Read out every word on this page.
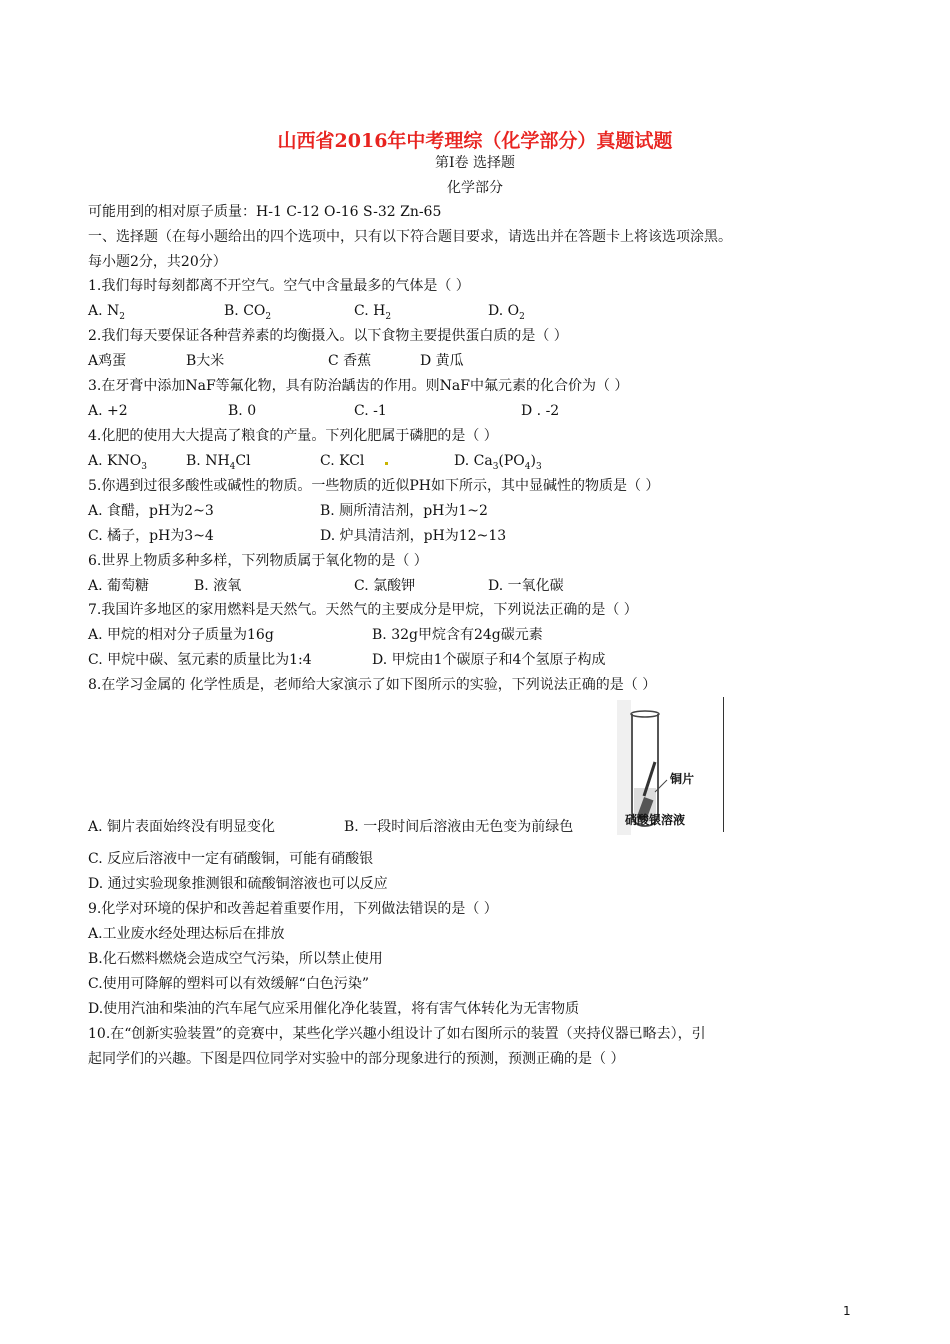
山西省2016年中考理综（化学部分）真题试题
第Ⅰ卷 选择题
化学部分
可能用到的相对原子质量：H-1 C-12 O-16 S-32 Zn-65
一、选择题（在每小题给出的四个选项中，只有以下符合题目要求，请选出并在答题卡上将该选项涂黑。
每小题2分，共20分）
1.我们每时每刻都离不开空气。空气中含量最多的气体是（ ）
A. $N_2$	B. $CO_2$	C. $H_2$	D. $O_2$
2.我们每天要保证各种营养素的均衡摄入。以下食物主要提供蛋白质的是（ ）
A鸡蛋	B大米	C 香蕉	D 黄瓜
3.在牙膏中添加NaF等氟化物，具有防治龋齿的作用。则NaF中氟元素的化合价为（ ）
A. +2	B. 0	C. -1	D . -2
4.化肥的使用大大提高了粮食的产量。下列化肥属于磷肥的是（ ）
A. $KNO_3$	B. $NH_4Cl$	C. KCl	D. $Ca_3(PO_4)_3$
5.你遇到过很多酸性或碱性的物质。一些物质的近似PH如下所示，其中显碱性的物质是（ ）
A. 食醋，pH为2~3	B. 厕所清洁剂，pH为1~2
C. 橘子，pH为3~4	D. 炉具清洁剂，pH为12~13
6.世界上物质多种多样，下列物质属于氧化物的是（ ）
A. 葡萄糖	B. 液氧	C. 氯酸钾	D. 一氧化碳
7.我国许多地区的家用燃料是天然气。天然气的主要成分是甲烷，下列说法正确的是（ ）
A. 甲烷的相对分子质量为16g	B. 32g甲烷含有24g碳元素
C. 甲烷中碳、氢元素的质量比为1:4	D. 甲烷由1个碳原子和4个氢原子构成
8.在学习金属的 化学性质是，老师给大家演示了如下图所示的实验，下列说法正确的是（ ）
铜片
硝酸银溶液
A. 铜片表面始终没有明显变化	B. 一段时间后溶液由无色变为前绿色
C. 反应后溶液中一定有硝酸铜，可能有硝酸银
D. 通过实验现象推测银和硫酸铜溶液也可以反应
9.化学对环境的保护和改善起着重要作用，下列做法错误的是（ ）
A.工业废水经处理达标后在排放
B.化石燃料燃烧会造成空气污染，所以禁止使用
C.使用可降解的塑料可以有效缓解“白色污染”
D.使用汽油和柴油的汽车尾气应采用催化净化装置，将有害气体转化为无害物质
10.在“创新实验装置”的竞赛中，某些化学兴趣小组设计了如右图所示的装置（夹持仪器已略去），引
起同学们的兴趣。下图是四位同学对实验中的部分现象进行的预测，预测正确的是（ ）
1
